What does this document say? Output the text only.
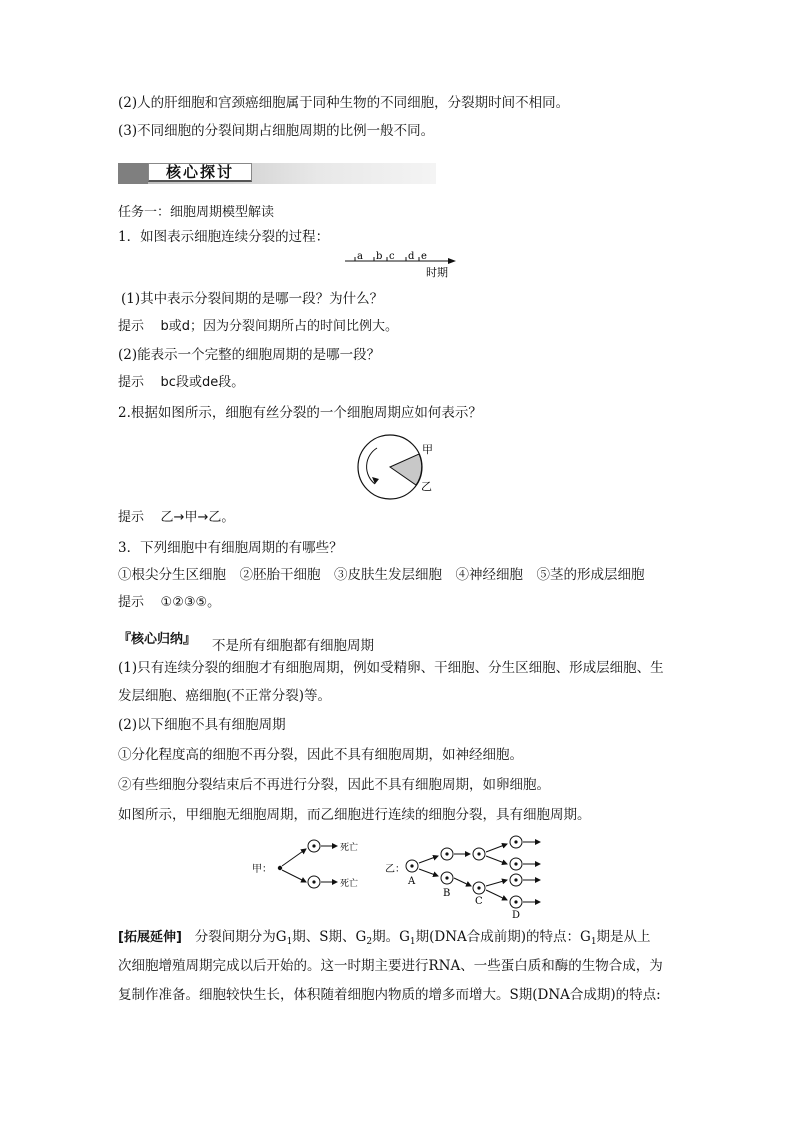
(2)人的肝细胞和宫颈癌细胞属于同种生物的不同细胞，分裂期时间不相同。
(3)不同细胞的分裂间期占细胞周期的比例一般不同。
核心探讨
任务一：细胞周期模型解读
1．如图表示细胞连续分裂的过程：
a b c d e
时期
(1)其中表示分裂间期的是哪一段？为什么？
提示 b或d；因为分裂间期所占的时间比例大。
(2)能表示一个完整的细胞周期的是哪一段？
提示 bc段或de段。
2.根据如图所示，细胞有丝分裂的一个细胞周期应如何表示？
甲
乙
提示 乙→甲→乙。
3．下列细胞中有细胞周期的有哪些？
①根尖分生区细胞　②胚胎干细胞　③皮肤生发层细胞　④神经细胞　⑤茎的形成层细胞
提示 ①②③⑤。
『核心归纳』 不是所有细胞都有细胞周期
(1)只有连续分裂的细胞才有细胞周期，例如受精卵、干细胞、分生区细胞、形成层细胞、生
发层细胞、癌细胞(不正常分裂)等。
(2)以下细胞不具有细胞周期
①分化程度高的细胞不再分裂，因此不具有细胞周期，如神经细胞。
②有些细胞分裂结束后不再进行分裂，因此不具有细胞周期，如卵细胞。
如图所示，甲细胞无细胞周期，而乙细胞进行连续的细胞分裂，具有细胞周期。
甲：
死亡
死亡
乙：
A
B
C
D
[拓展延伸] 分裂间期分为$G_1$期、S期、$G_2$期。$G_1$期(DNA合成前期)的特点：$G_1$期是从上
次细胞增殖周期完成以后开始的。这一时期主要进行RNA、一些蛋白质和酶的生物合成，为
复制作准备。细胞较快生长，体积随着细胞内物质的增多而增大。S期(DNA合成期)的特点:
